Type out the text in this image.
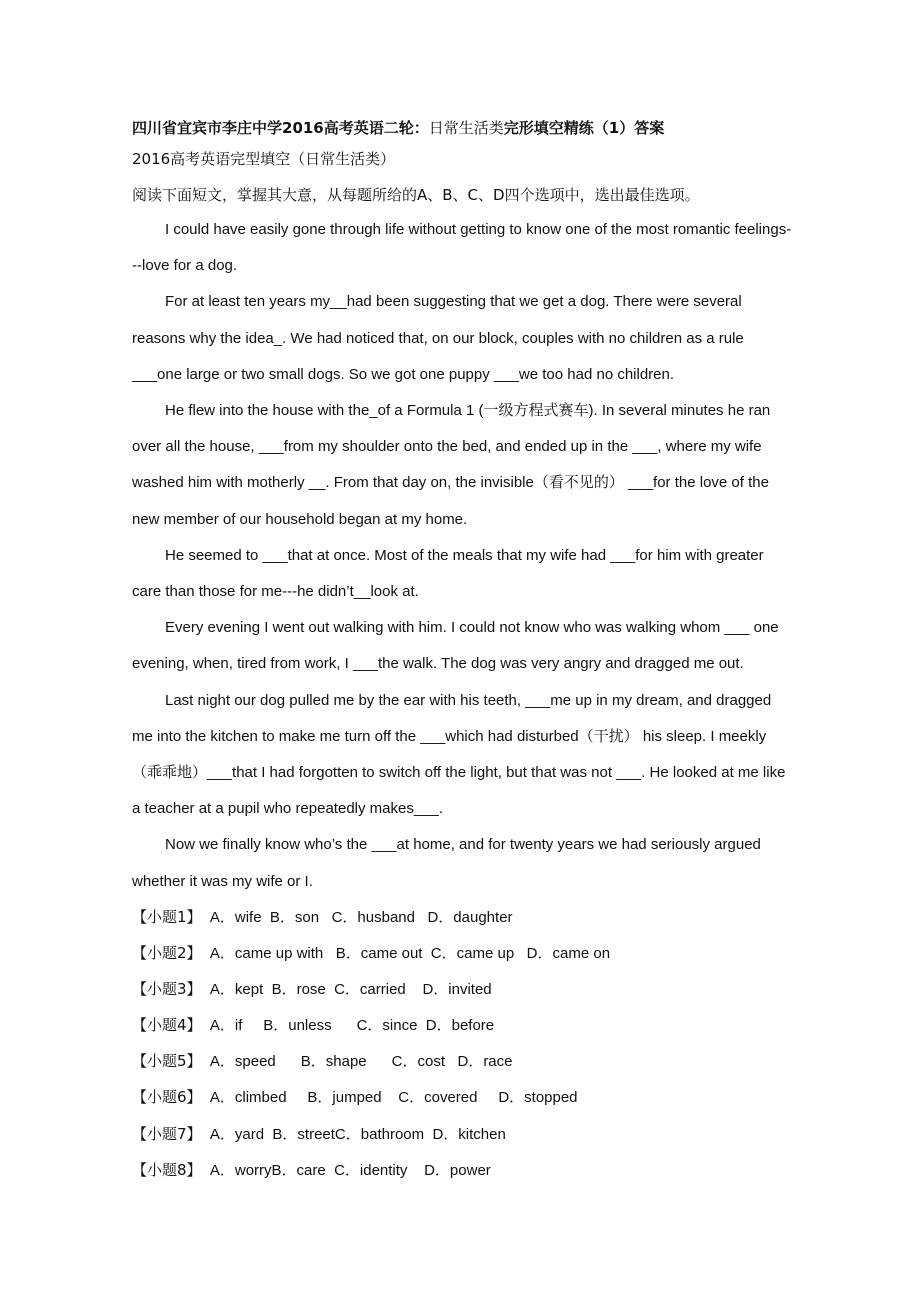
四川省宜宾市李庄中学2016高考英语二轮：日常生活类完形填空精练（1）答案
2016高考英语完型填空（日常生活类）
阅读下面短文，掌握其大意，从每题所给的A、B、C、D四个选项中，选出最佳选项。

I could have easily gone through life without getting to know one of the most romantic feelings---love for a dog.

For at least ten years my__had been suggesting that we get a dog. There were several reasons why the idea_. We had noticed that, on our block, couples with no children as a rule ___one large or two small dogs. So we got one puppy ___we too had no children.

He flew into the house with the_of a Formula 1 (一级方程式赛车). In several minutes he ran over all the house, ___from my shoulder onto the bed, and ended up in the ___, where my wife washed him with motherly __. From that day on, the invisible（看不见的） ___for the love of the new member of our household began at my home.

He seemed to ___that at once. Most of the meals that my wife had ___for him with greater care than those for me---he didn’t__look at.

Every evening I went out walking with him. I could not know who was walking whom ___ one evening, when, tired from work, I ___the walk. The dog was very angry and dragged me out.

Last night our dog pulled me by the ear with his teeth, ___me up in my dream, and dragged me into the kitchen to make me turn off the ___which had disturbed（干扰） his sleep. I meekly（乖乖地）___that I had forgotten to switch off the light, but that was not ___. He looked at me like a teacher at a pupil who repeatedly makes___.

Now we finally know who’s the ___at home, and for twenty years we had seriously argued whether it was my wife or I.

【小题1】  A．wife  B．son   C．husband   D．daughter
【小题2】  A．came up with   B．came out  C．came up   D．came on
【小题3】  A．kept  B．rose  C．carried    D．invited
【小题4】  A．if     B．unless      C．since  D．before
【小题5】  A．speed      B．shape      C．cost   D．race
【小题6】  A．climbed     B．jumped    C．covered     D．stopped
【小题7】  A．yard  B．streetC．bathroom  D．kitchen
【小题8】  A．worryB．care  C．identity    D．power
